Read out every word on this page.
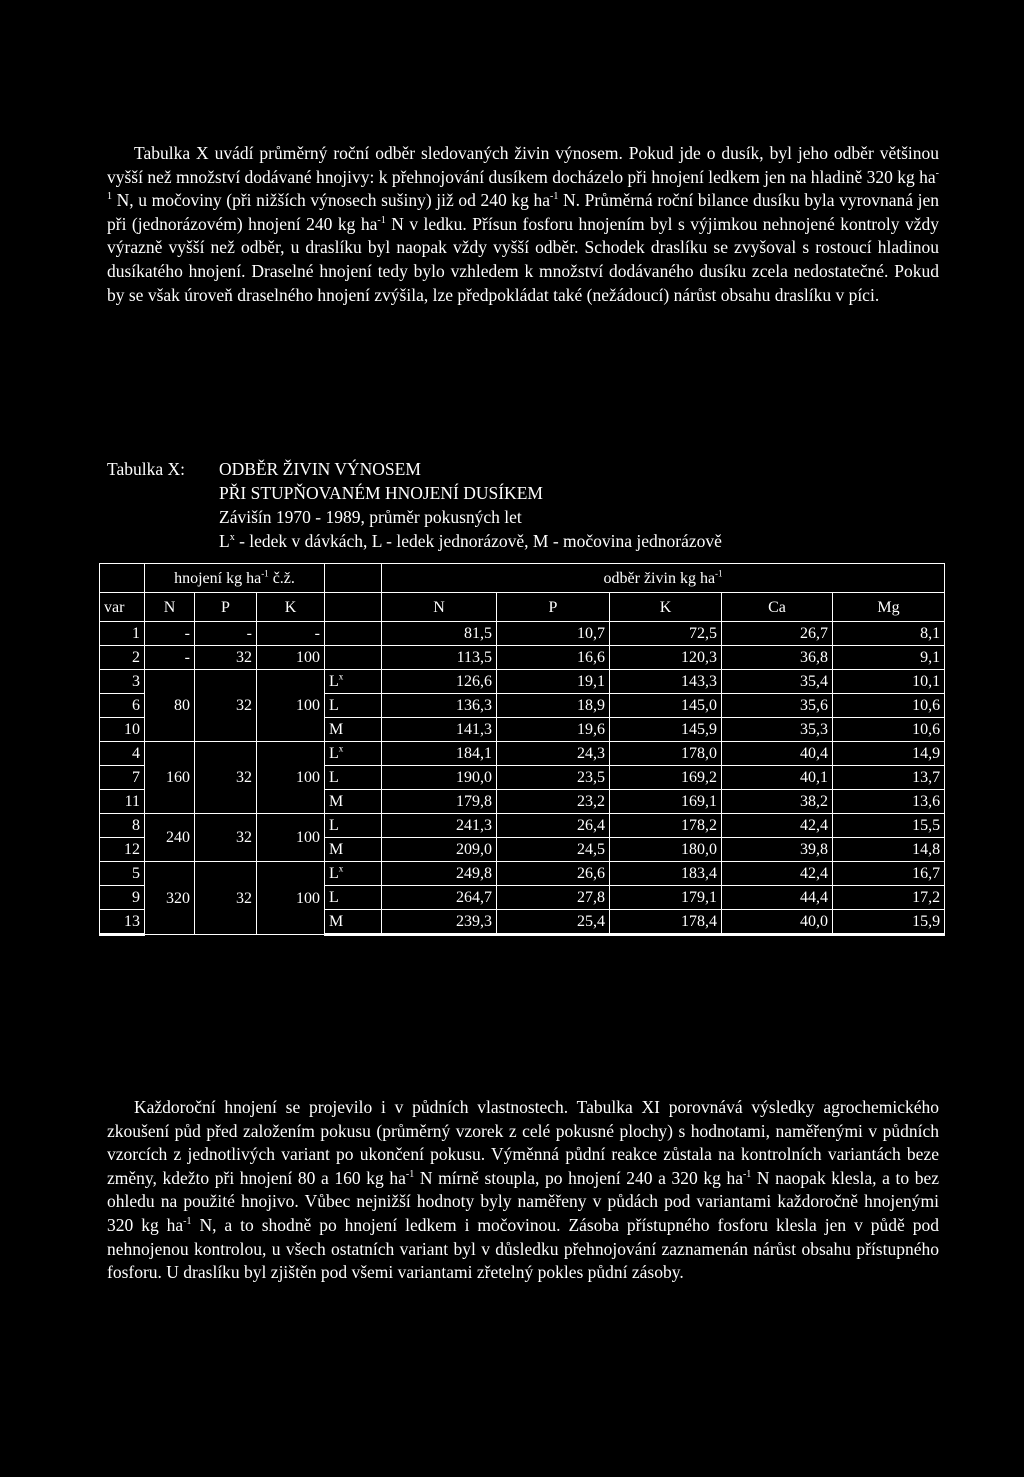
Tabulka X uvádí průměrný roční odběr sledovaných živin výnosem. Pokud jde o dusík, byl jeho odběr většinou vyšší než množství dodávané hnojivy: k přehnojování dusíkem docházelo při hnojení ledkem jen na hladině 320 kg $ha^{-1}$ N, u močoviny (při nižších výnosech sušiny) již od 240 kg $ha^{-1}$ N. Průměrná roční bilance dusíku byla vyrovnaná jen při (jednorázovém) hnojení 240 kg $ha^{-1}$ N v ledku. Přísun fosforu hnojením byl s výjimkou nehnojené kontroly vždy výrazně vyšší než odběr, u draslíku byl naopak vždy vyšší odběr. Schodek draslíku se zvyšoval s rostoucí hladinou dusíkatého hnojení. Draselné hnojení tedy bylo vzhledem k množství dodávaného dusíku zcela nedostatečné. Pokud by se však úroveň draselného hnojení zvýšila, lze předpokládat také (nežádoucí) nárůst obsahu draslíku v píci.
Tabulka X:	ODBĚR ŽIVIN VÝNOSEM
PŘI STUPŇOVANÉM HNOJENÍ DUSÍKEM
Závišín 1970 - 1989, průměr pokusných let
$L^x$ - ledek v dávkách, L - ledek jednorázově, M - močovina jednorázově
	hnojení kg $ha^{-1}$ č.ž.				odběr živin kg $ha^{-1}$
var	N	P	K		N	P	K	Ca	Mg
1	-	-	-		81,5	10,7	72,5	26,7	8,1
2	-	32	100		113,5	16,6	120,3	36,8	9,1
3	80	32	100	$L^x$	126,6	19,1	143,3	35,4	10,1
6				L	136,3	18,9	145,0	35,6	10,6
10				M	141,3	19,6	145,9	35,3	10,6
4	160	32	100	$L^x$	184,1	24,3	178,0	40,4	14,9
7				L	190,0	23,5	169,2	40,1	13,7
11				M	179,8	23,2	169,1	38,2	13,6
8	240	32	100	L	241,3	26,4	178,2	42,4	15,5
12				M	209,0	24,5	180,0	39,8	14,8
5	320	32	100	$L^x$	249,8	26,6	183,4	42,4	16,7
9				L	264,7	27,8	179,1	44,4	17,2
13				M	239,3	25,4	178,4	40,0	15,9
Každoroční hnojení se projevilo i v půdních vlastnostech. Tabulka XI porovnává výsledky agrochemického zkoušení půd před založením pokusu (průměrný vzorek z celé pokusné plochy) s hodnotami, naměřenými v půdních vzorcích z jednotlivých variant po ukončení pokusu. Výměnná půdní reakce zůstala na kontrolních variantách beze změny, kdežto při hnojení 80 a 160 kg $ha^{-1}$ N mírně stoupla, po hnojení 240 a 320 kg $ha^{-1}$ N naopak klesla, a to bez ohledu na použité hnojivo. Vůbec nejnižší hodnoty byly naměřeny v půdách pod variantami každoročně hnojenými 320 kg $ha^{-1}$ N, a to shodně po hnojení ledkem i močovinou. Zásoba přístupného fosforu klesla jen v půdě pod nehnojenou kontrolou, u všech ostatních variant byl v důsledku přehnojování zaznamenán nárůst obsahu přístupného fosforu. U draslíku byl zjištěn pod všemi variantami zřetelný pokles půdní zásoby.
